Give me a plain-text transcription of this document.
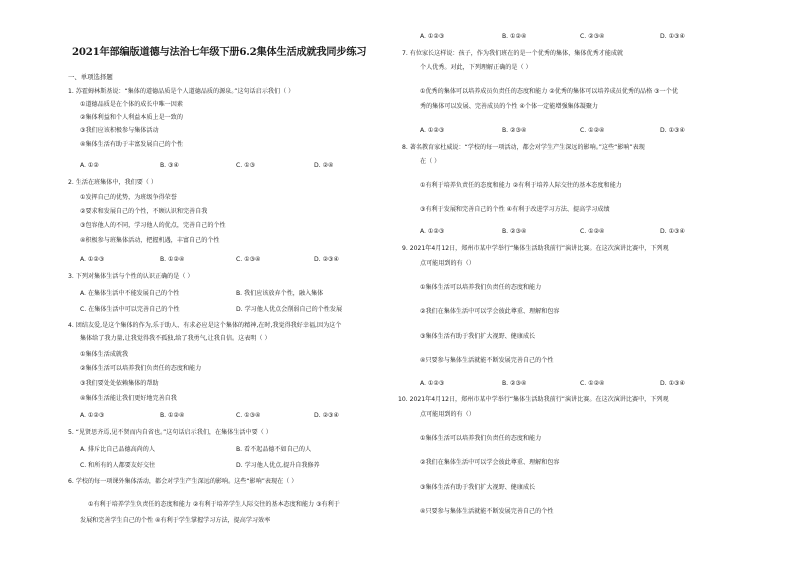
2021年部编版道德与法治七年级下册6.2集体生活成就我同步练习
一、单项选择题
1. 苏霍姆林斯基说：“集体的道德品质是个人道德品质的源泉。”这句话启示我们（ ）
①道德品质是在个体的成长中唯一因素
②集体利益和个人利益本质上是一致的
③我们应该积极参与集体活动
④集体生活有助于丰富发展自己的个性
A. ①②	B. ③④	C. ①③	D. ②④
2. 生活在班集体中，我们要（ ）
①发挥自己的优势，为班级争得荣誉
②要求和发展自己的个性，不顾认识和完善自我
③包容他人的不同，学习他人的优点，完善自己的个性
④积极参与班集体活动，把握机遇，丰富自己的个性
A. ①②③	B. ①②④	C. ①③④	D. ②③④
3. 下列对集体生活与个性的认识正确的是（ ）
A. 在集体生活中不能发展自己的个性	B. 我们应该放弃个性，融入集体
C. 在集体生活中可以完善自己的个性	D. 学习他人优点会削弱自己的个性发展
4. 团结友爱,是这个集体的作为,乐于助人、有求必应是这个集体的精神,在时,我觉得我好幸福,因为这个
集体给了我力量,让我觉得我不孤独,给了我勇气,让我自信。这表明（ ）
①集体生活成就我
②集体生活可以培养我们负责任的态度和能力
③我们要处处依赖集体的帮助
④集体生活能让我们更好地完善自我
A. ①②③	B. ①②④	C. ①③④	D. ②③④
5. “见贤思齐焉,见不贤而内自省也。”这句话启示我们，在集体生活中要（ ）
A. 排斥比自己品德高尚的人	B. 看不起品德不如自己的人
C. 和所有的人都要友好交往	D. 学习他人优点,提升自我修养
6. 学校的每一项课外集体活动，都会对学生产生深远的影响。这些“影响”表现在（ ）
①有利于培养学生负责任的态度和能力 ②有利于培养学生人际交往的基本态度和能力 ③有利于
发展和完善学生自己的个性 ④有利于学生掌握学习方法，提高学习效率
A. ①②③	B. ①②④	C. ②③④	D. ①③④
7. 有位家长这样说：孩子，作为我们班在的是一个优秀的集体，集体优秀才能成就
个人优秀。对此，下列理解正确的是（ ）
①优秀的集体可以培养成员负责任的态度和能力 ②优秀的集体可以培养成员优秀的品格 ③一个优
秀的集体可以发展、完善成员的个性 ④个体一定能增强集体凝聚力
A. ①②③	B. ②③④	C. ①②④	D. ①③④
8. 著名教育家杜威说：“学校的每一项活动，都会对学生产生深远的影响。”这些“影响”表现
在（ ）
①有利于培养负责任的态度和能力 ②有利于培养人际交往的基本态度和能力
③有利于发展和完善自己的个性 ④有利于改进学习方法、提高学习成绩
A. ①②③	B. ②③④	C. ①②④	D. ①③④
9. 2021年4月12日，郑州市某中学举行“集体生活助我前行”演讲比赛。在这次演讲比赛中，下列观
点可能用到的有（）
①集体生活可以培养我们负责任的态度和能力
②我们在集体生活中可以学会彼此尊重、理解和包容
③集体生活有助于我们扩大视野、健康成长
④只要参与集体生活就能不断发展完善自己的个性
A. ①②③	B. ②③④	C. ①②④	D. ①③④
10. 2021年4月12日，郑州市某中学举行“集体生活助我前行”演讲比赛。在这次演讲比赛中，下列观
点可能用到的有（）
①集体生活可以培养我们负责任的态度和能力
②我们在集体生活中可以学会彼此尊重、理解和包容
③集体生活有助于我们扩大视野、健康成长
④只要参与集体生活就能不断发展完善自己的个性
